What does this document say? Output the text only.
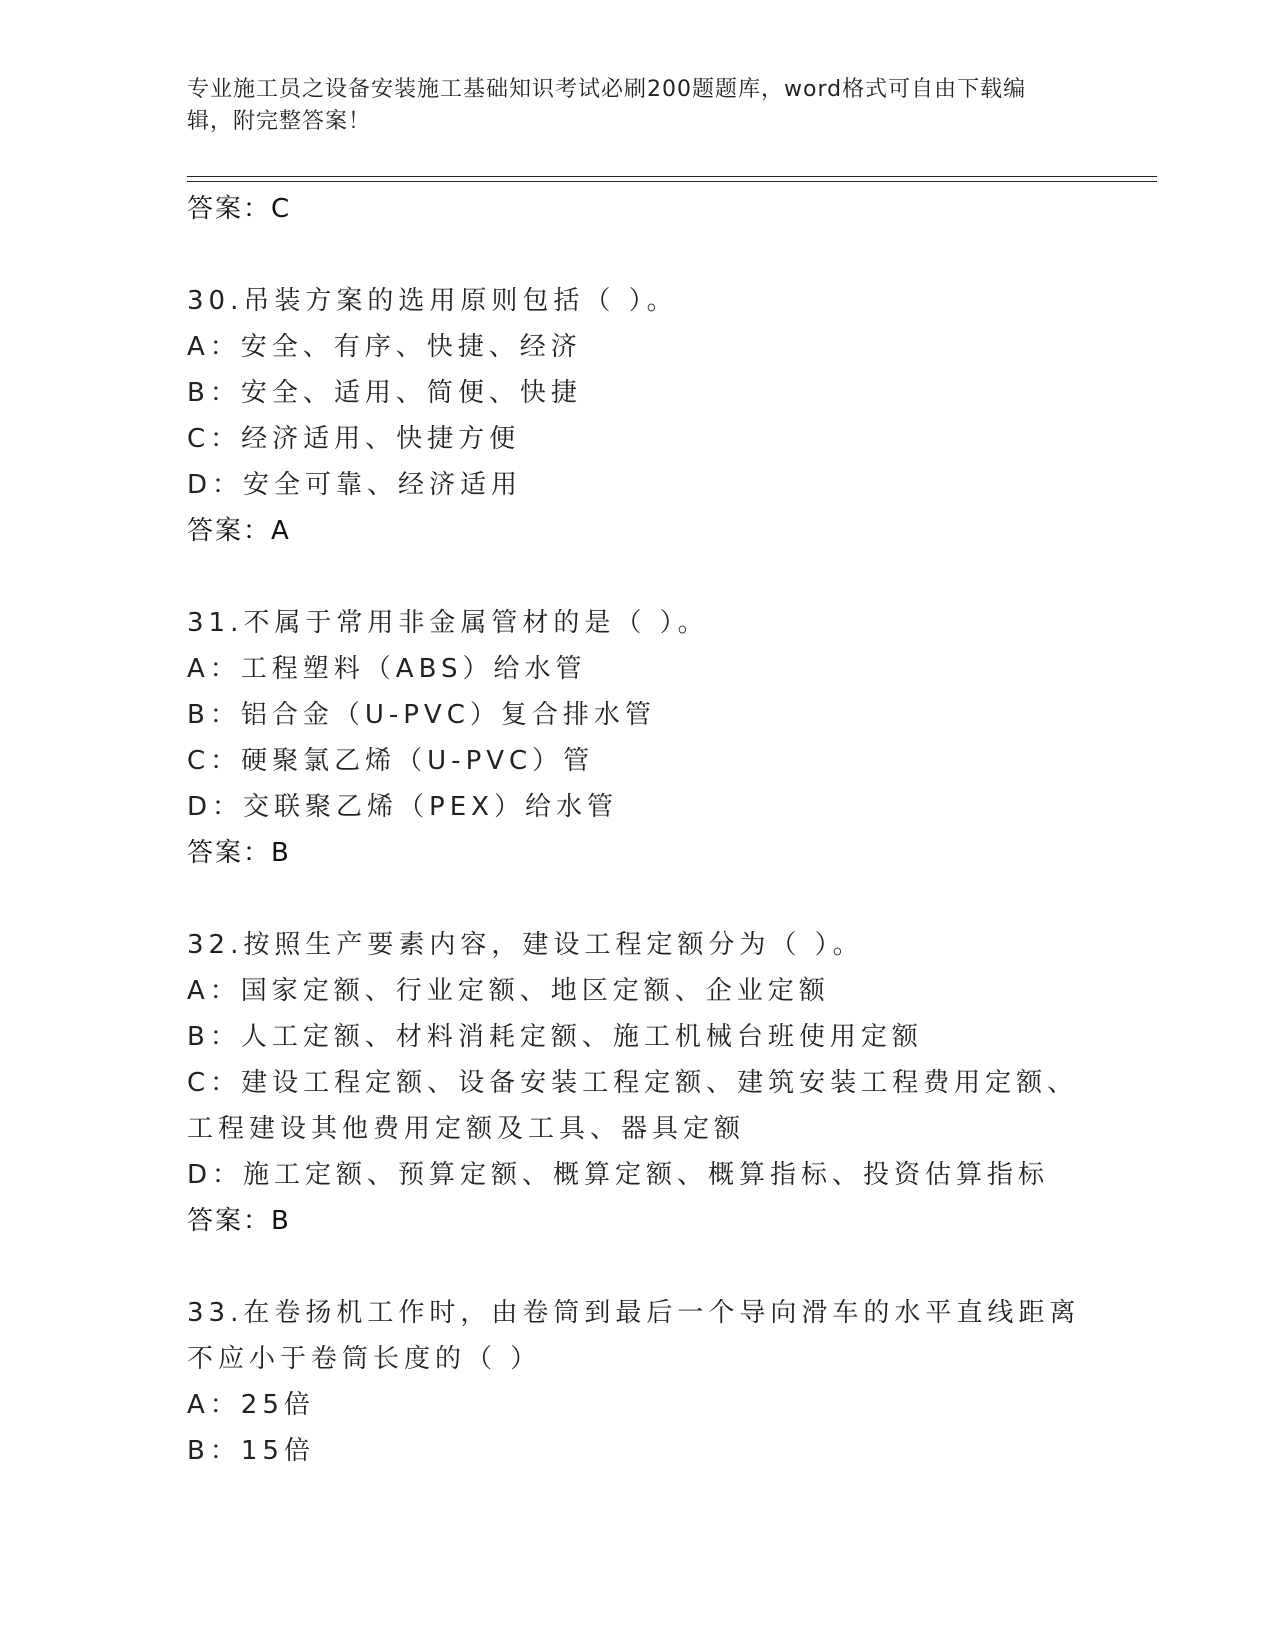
专业施工员之设备安装施工基础知识考试必刷200题题库，word格式可自由下载编辑，附完整答案！
答案：C
30.吊装方案的选用原则包括（ ）。
A：安全、有序、快捷、经济
B：安全、适用、简便、快捷
C：经济适用、快捷方便
D：安全可靠、经济适用
答案：A
31.不属于常用非金属管材的是（ ）。
A：工程塑料（ABS）给水管
B：铝合金（U-PVC）复合排水管
C：硬聚氯乙烯（U-PVC）管
D：交联聚乙烯（PEX）给水管
答案：B
32.按照生产要素内容，建设工程定额分为（ ）。
A：国家定额、行业定额、地区定额、企业定额
B：人工定额、材料消耗定额、施工机械台班使用定额
C：建设工程定额、设备安装工程定额、建筑安装工程费用定额、工程建设其他费用定额及工具、器具定额
D：施工定额、预算定额、概算定额、概算指标、投资估算指标
答案：B
33.在卷扬机工作时，由卷筒到最后一个导向滑车的水平直线距离不应小于卷筒长度的（ ）
A：25倍
B：15倍
